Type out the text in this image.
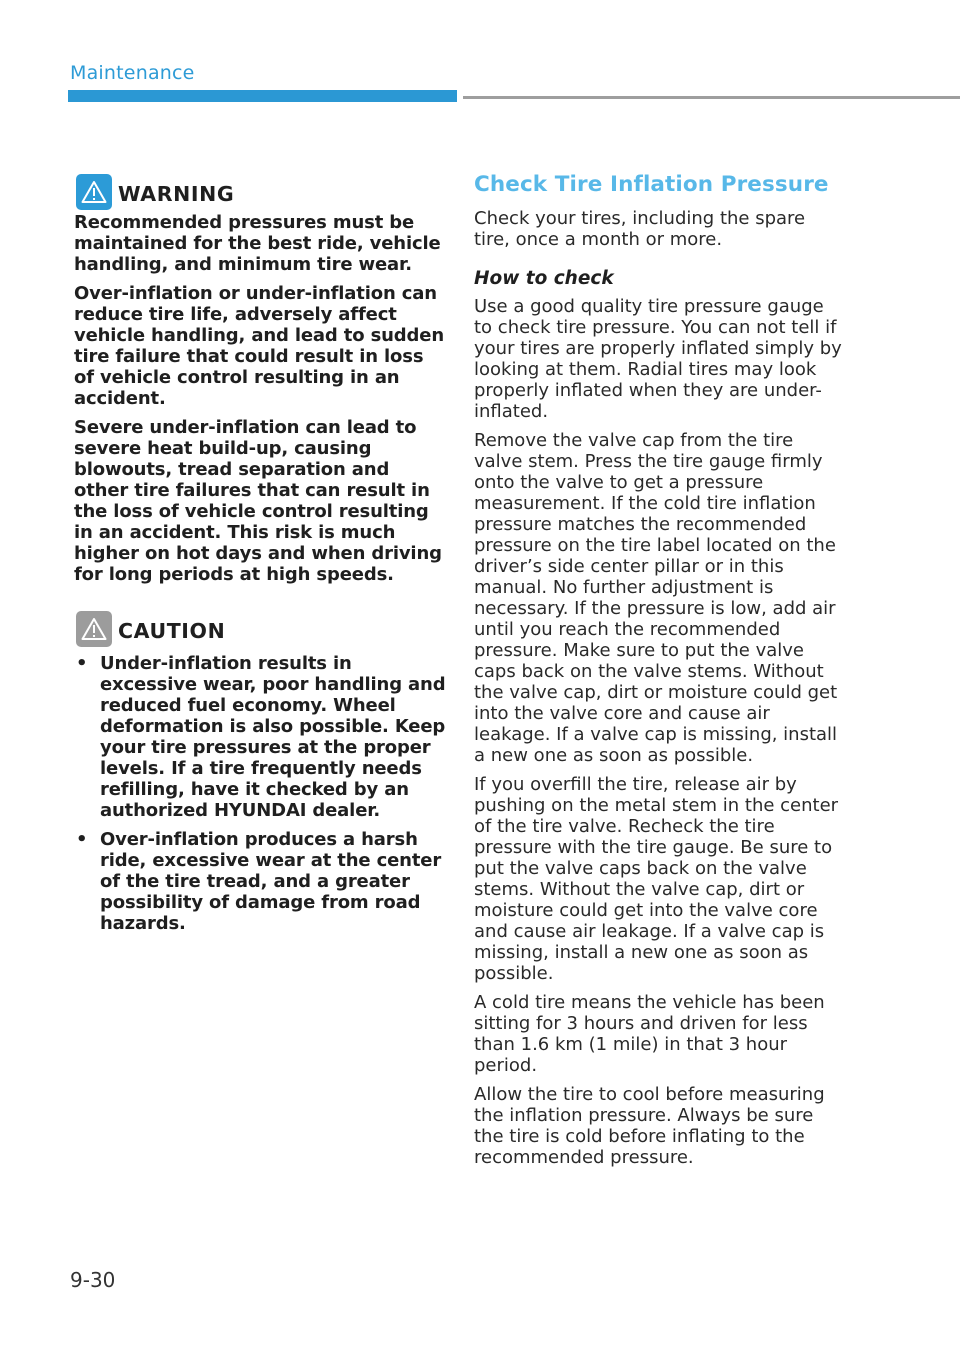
Maintenance
WARNING

Recommended pressures must be maintained for the best ride, vehicle handling, and minimum tire wear.

Over-inflation or under-inflation can reduce tire life, adversely affect vehicle handling, and lead to sudden tire failure that could result in loss of vehicle control resulting in an accident.

Severe under-inflation can lead to severe heat build-up, causing blowouts, tread separation and other tire failures that can result in the loss of vehicle control resulting in an accident. This risk is much higher on hot days and when driving for long periods at high speeds.

CAUTION
• Under-inflation results in excessive wear, poor handling and reduced fuel economy. Wheel deformation is also possible. Keep your tire pressures at the proper levels. If a tire frequently needs refilling, have it checked by an authorized HYUNDAI dealer.
• Over-inflation produces a harsh ride, excessive wear at the center of the tire tread, and a greater possibility of damage from road hazards.
Check Tire Inflation Pressure

Check your tires, including the spare tire, once a month or more.

How to check

Use a good quality tire pressure gauge to check tire pressure. You can not tell if your tires are properly inflated simply by looking at them. Radial tires may look properly inflated when they are under-inflated.

Remove the valve cap from the tire valve stem. Press the tire gauge firmly onto the valve to get a pressure measurement. If the cold tire inflation pressure matches the recommended pressure on the tire label located on the driver’s side center pillar or in this manual. No further adjustment is necessary. If the pressure is low, add air until you reach the recommended pressure. Make sure to put the valve caps back on the valve stems. Without the valve cap, dirt or moisture could get into the valve core and cause air leakage. If a valve cap is missing, install a new one as soon as possible.

If you overfill the tire, release air by pushing on the metal stem in the center of the tire valve. Recheck the tire pressure with the tire gauge. Be sure to put the valve caps back on the valve stems. Without the valve cap, dirt or moisture could get into the valve core and cause air leakage. If a valve cap is missing, install a new one as soon as possible.

A cold tire means the vehicle has been sitting for 3 hours and driven for less than 1.6 km (1 mile) in that 3 hour period.

Allow the tire to cool before measuring the inflation pressure. Always be sure the tire is cold before inflating to the recommended pressure.

9-30
